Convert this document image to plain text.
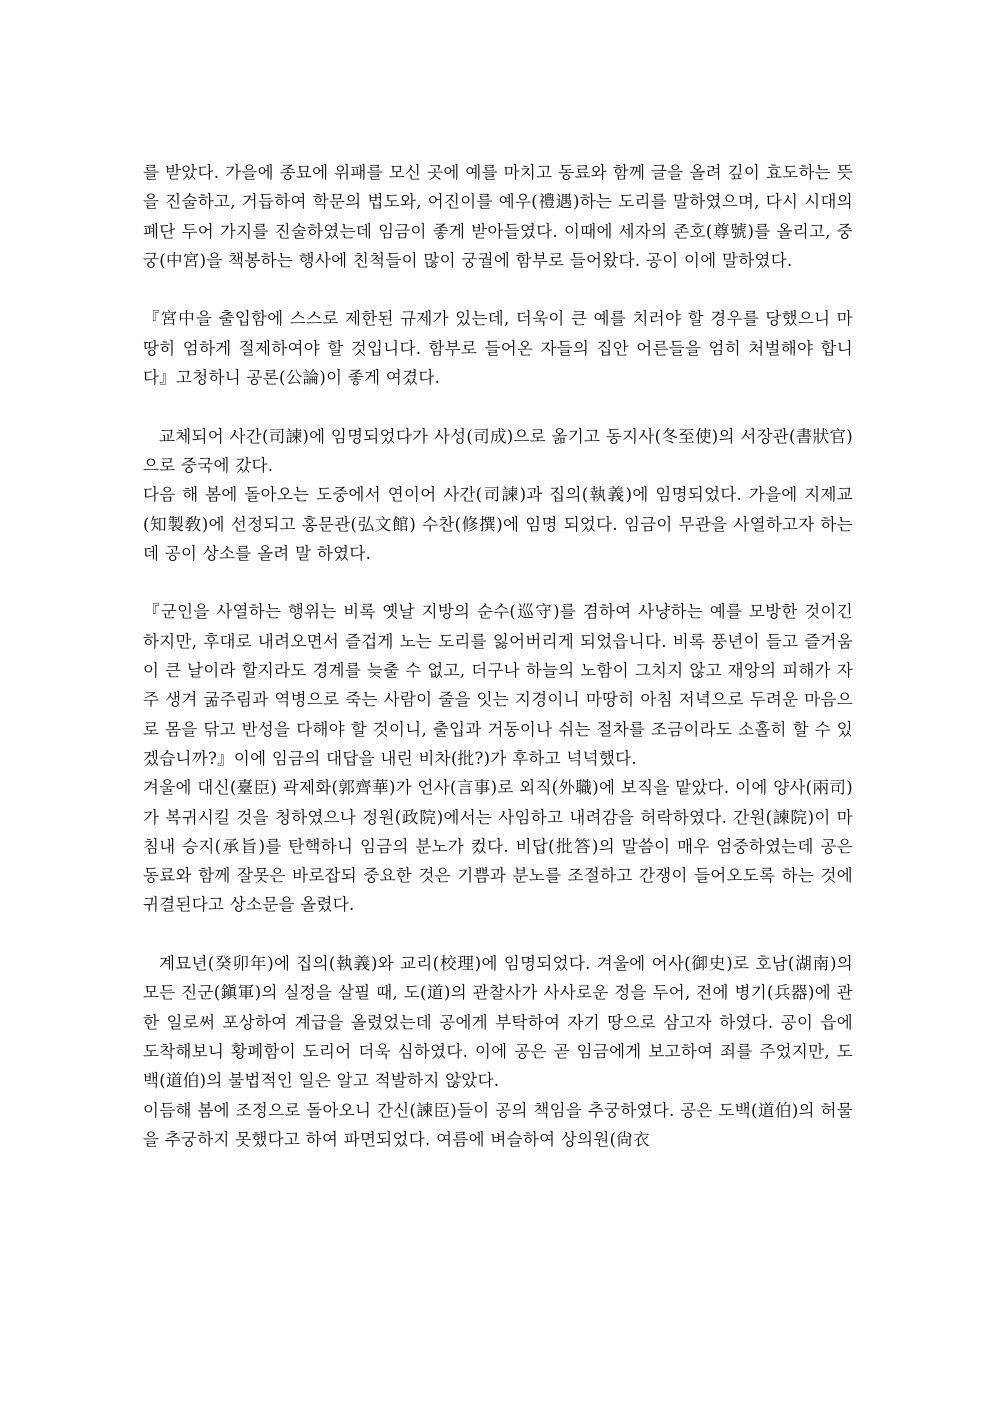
를 받았다. 가을에 종묘에 위패를 모신 곳에 예를 마치고 동료와 함께 글을 올려 깊이 효도하는 뜻을 진술하고, 거듭하여 학문의 법도와, 어진이를 예우(禮遇)하는 도리를 말하였으며, 다시 시대의 폐단 두어 가지를 진술하였는데 임금이 좋게 받아들였다. 이때에 세자의 존호(尊號)를 올리고, 중궁(中宮)을 책봉하는 행사에 친척들이 많이 궁궐에 함부로 들어왔다. 공이 이에 말하였다.

『宮中을 출입함에 스스로 제한된 규제가 있는데, 더욱이 큰 예를 치러야 할 경우를 당했으니 마땅히 엄하게 절제하여야 할 것입니다. 함부로 들어온 자들의 집안 어른들을 엄히 처벌해야 합니다』고청하니 공론(公論)이 좋게 여겼다.

교체되어 사간(司諫)에 임명되었다가 사성(司成)으로 옮기고 동지사(冬至使)의 서장관(書狀官)으로 중국에 갔다.

다음 해 봄에 돌아오는 도중에서 연이어 사간(司諫)과 집의(執義)에 임명되었다. 가을에 지제교(知製敎)에 선정되고 홍문관(弘文館) 수찬(修撰)에 임명 되었다. 임금이 무관을 사열하고자 하는데 공이 상소를 올려 말 하였다.

『군인을 사열하는 행위는 비록 옛날 지방의 순수(巡守)를 겸하여 사냥하는 예를 모방한 것이긴 하지만, 후대로 내려오면서 즐겁게 노는 도리를 잃어버리게 되었읍니다. 비록 풍년이 들고 즐거움이 큰 날이라 할지라도 경계를 늦출 수 없고, 더구나 하늘의 노함이 그치지 않고 재앙의 피해가 자주 생겨 굶주림과 역병으로 죽는 사람이 줄을 잇는 지경이니 마땅히 아침 저녁으로 두려운 마음으로 몸을 닦고 반성을 다해야 할 것이니, 출입과 거동이나 쉬는 절차를 조금이라도 소홀히 할 수 있겠습니까?』이에 임금의 대답을 내린 비차(批?)가 후하고 넉넉했다.

겨울에 대신(臺臣) 곽제화(郭齊華)가 언사(言事)로 외직(外職)에 보직을 맡았다. 이에 양사(兩司)가 복귀시킬 것을 청하였으나 정원(政院)에서는 사임하고 내려감을 허락하였다. 간원(諫院)이 마침내 승지(承旨)를 탄핵하니 임금의 분노가 컸다. 비답(批答)의 말씀이 매우 엄중하였는데 공은 동료와 함께 잘못은 바로잡되 중요한 것은 기쁨과 분노를 조절하고 간쟁이 들어오도록 하는 것에 귀결된다고 상소문을 올렸다.

계묘년(癸卯年)에 집의(執義)와 교리(校理)에 임명되었다. 겨울에 어사(御史)로 호남(湖南)의 모든 진군(鎭軍)의 실정을 살필 때, 도(道)의 관찰사가 사사로운 정을 두어, 전에 병기(兵器)에 관한 일로써 포상하여 계급을 올렸었는데 공에게 부탁하여 자기 땅으로 삼고자 하였다. 공이 읍에 도착해보니 황폐함이 도리어 더욱 심하였다. 이에 공은 곧 임금에게 보고하여 죄를 주었지만, 도백(道伯)의 불법적인 일은 알고 적발하지 않았다.

이듬해 봄에 조정으로 돌아오니 간신(諫臣)들이 공의 책임을 추궁하였다. 공은 도백(道伯)의 허물을 추궁하지 못했다고 하여 파면되었다. 여름에 벼슬하여 상의원(尙衣
